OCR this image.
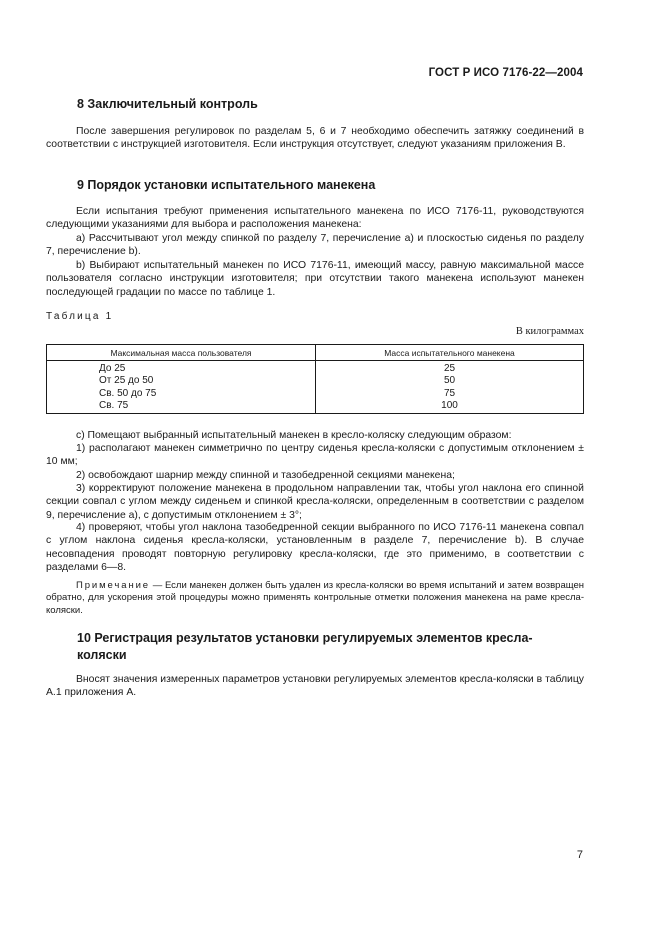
ГОСТ Р ИСО 7176-22—2004
8 Заключительный контроль

После завершения регулировок по разделам 5, 6 и 7 необходимо обеспечить затяжку соединений в соответствии с инструкцией изготовителя. Если инструкция отсутствует, следуют указаниям приложения В.

9 Порядок установки испытательного манекена

Если испытания требуют применения испытательного манекена по ИСО 7176-11, руководствуются следующими указаниями для выбора и расположения манекена:

a) Рассчитывают угол между спинкой по разделу 7, перечисление a) и плоскостью сиденья по разделу 7, перечисление b).

b) Выбирают испытательный манекен по ИСО 7176-11, имеющий массу, равную максимальной массе пользователя согласно инструкции изготовителя; при отсутствии такого манекена используют манекен последующей градации по массе по таблице 1.

Таблица 1
В килограммах
Максимальная масса пользователя	Масса испытательного манекена
До 25	25
От 25 до 50	50
Св. 50 до 75	75
Св. 75	100

c) Помещают выбранный испытательный манекен в кресло-коляску следующим образом:

1) располагают манекен симметрично по центру сиденья кресла-коляски с допустимым отклонением ± 10 мм;

2) освобождают шарнир между спинной и тазобедренной секциями манекена;

3) корректируют положение манекена в продольном направлении так, чтобы угол наклона его спинной секции совпал с углом между сиденьем и спинкой кресла-коляски, определенным в соответствии с разделом 9, перечисление a), с допустимым отклонением ± 3°;

4) проверяют, чтобы угол наклона тазобедренной секции выбранного по ИСО 7176-11 манекена совпал с углом наклона сиденья кресла-коляски, установленным в разделе 7, перечисление b). В случае несовпадения проводят повторную регулировку кресла-коляски, где это применимо, в соответствии с разделами 6—8.

Примечание — Если манекен должен быть удален из кресла-коляски во время испытаний и затем возвращен обратно, для ускорения этой процедуры можно применять контрольные отметки положения манекена на раме кресла-коляски.

10 Регистрация результатов установки регулируемых элементов кресла-коляски

Вносят значения измеренных параметров установки регулируемых элементов кресла-коляски в таблицу А.1 приложения А.

7
